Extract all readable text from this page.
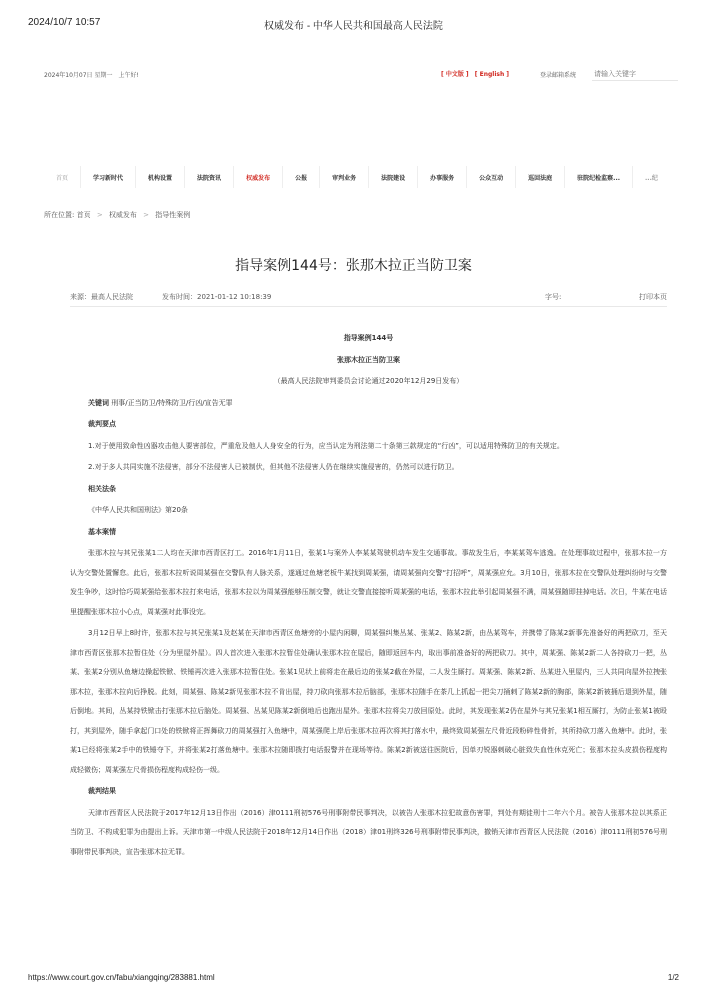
2024/10/7 10:57	权威发布 - 中华人民共和国最高人民法院
2024年10月07日 星期一　上午好!	[ 中文版 ] [ English ]	登录邮箱系统
请输入关键字
首页	学习新时代	机构设置	法院资讯	权威发布	公报	审判业务	法院建设	办事服务	公众互动	巡回法庭	驻院纪检监察...	...纪
所在位置: 首页 > 权威发布 > 指导性案例
指导案例144号：张那木拉正当防卫案
来源：最高人民法院	发布时间：2021-01-12 10:18:39	字号:	打印本页

指导案例144号

张那木拉正当防卫案

（最高人民法院审判委员会讨论通过2020年12月29日发布）

关键词 刑事/正当防卫/特殊防卫/行凶/宣告无罪

裁判要点

1.对于使用致命性凶器攻击他人要害部位，严重危及他人人身安全的行为，应当认定为刑法第二十条第三款规定的“行凶”，可以适用特殊防卫的有关规定。

2.对于多人共同实施不法侵害，部分不法侵害人已被制伏，但其他不法侵害人仍在继续实施侵害的，仍然可以进行防卫。

相关法条

《中华人民共和国刑法》第20条

基本案情

张那木拉与其兄张某1二人均在天津市西青区打工。2016年1月11日，张某1与案外人李某某驾驶机动车发生交通事故。事故发生后，李某某驾车逃逸。在处理事故过程中，张那木拉一方认为交警处置懈怠。此后，张那木拉听说周某强在交警队有人脉关系，遂通过鱼塘老板牛某找到周某强，请周某强向交警“打招呼”，周某强应允。3月10日，张那木拉在交警队处理纠纷时与交警发生争吵，这时恰巧周某强给张那木拉打来电话，张那木拉以为周某强能够压制交警，就让交警直接接听周某强的电话，张那木拉此举引起周某强不满，周某强随即挂掉电话。次日，牛某在电话里提醒张那木拉小心点，周某强对此事没完。

3月12日早上8时许，张那木拉与其兄张某1及赵某在天津市西青区鱼塘旁的小屋内闲聊，周某强纠集丛某、张某2、陈某2新，由丛某驾车，并携带了陈某2新事先准备好的两把砍刀，至天津市西青区张那木拉暂住处（分为里屋外屋）。四人首次进入张那木拉暂住处确认张那木拉在屋后，随即返回车内，取出事前准备好的两把砍刀。其中，周某强、陈某2新二人各持砍刀一把，丛某、张某2分别从鱼塘边操起铁锨、铁锤再次进入张那木拉暂住处。张某1见状上前将走在最后边的张某2截在外屋，二人发生厮打。周某强、陈某2新、丛某进入里屋内，三人共同向屋外拉拽张那木拉，张那木拉向后挣脱。此刻，周某强、陈某2新见张那木拉不肯出屋，持刀砍向张那木拉后脑部，张那木拉随手在茶几上抓起一把尖刀捅刺了陈某2新的胸部，陈某2新被捅后退到外屋，随后倒地。其间，丛某持铁锨击打张那木拉后脑处。周某强、丛某见陈某2新倒地后也跑出屋外。张那木拉将尖刀放回原处。此时，其发现张某2仍在屋外与其兄张某1相互厮打，为防止张某1被殴打，其到屋外，随手拿起门口处的铁锨将正挥舞砍刀的周某强打入鱼塘中，周某强爬上岸后张那木拉再次将其打落水中，最终致周某强左尺骨近段粉碎性骨折，其所持砍刀落入鱼塘中。此时，张某1已经将张某2手中的铁锤夺下，并将张某2打落鱼塘中。张那木拉随即拨打电话报警并在现场等待。陈某2新被送往医院后，因单刃锐器刺破心脏致失血性休克死亡；张那木拉头皮损伤程度构成轻微伤；周某强左尺骨损伤程度构成轻伤一级。

裁判结果

天津市西青区人民法院于2017年12月13日作出（2016）津0111刑初576号刑事附带民事判决，以被告人张那木拉犯故意伤害罪，判处有期徒刑十二年六个月。被告人张那木拉以其系正当防卫、不构成犯罪为由提出上诉。天津市第一中级人民法院于2018年12月14日作出（2018）津01刑终326号刑事附带民事判决，撤销天津市西青区人民法院（2016）津0111刑初576号刑事附带民事判决，宣告张那木拉无罪。

https://www.court.gov.cn/fabu/xiangqing/283881.html	1/2
